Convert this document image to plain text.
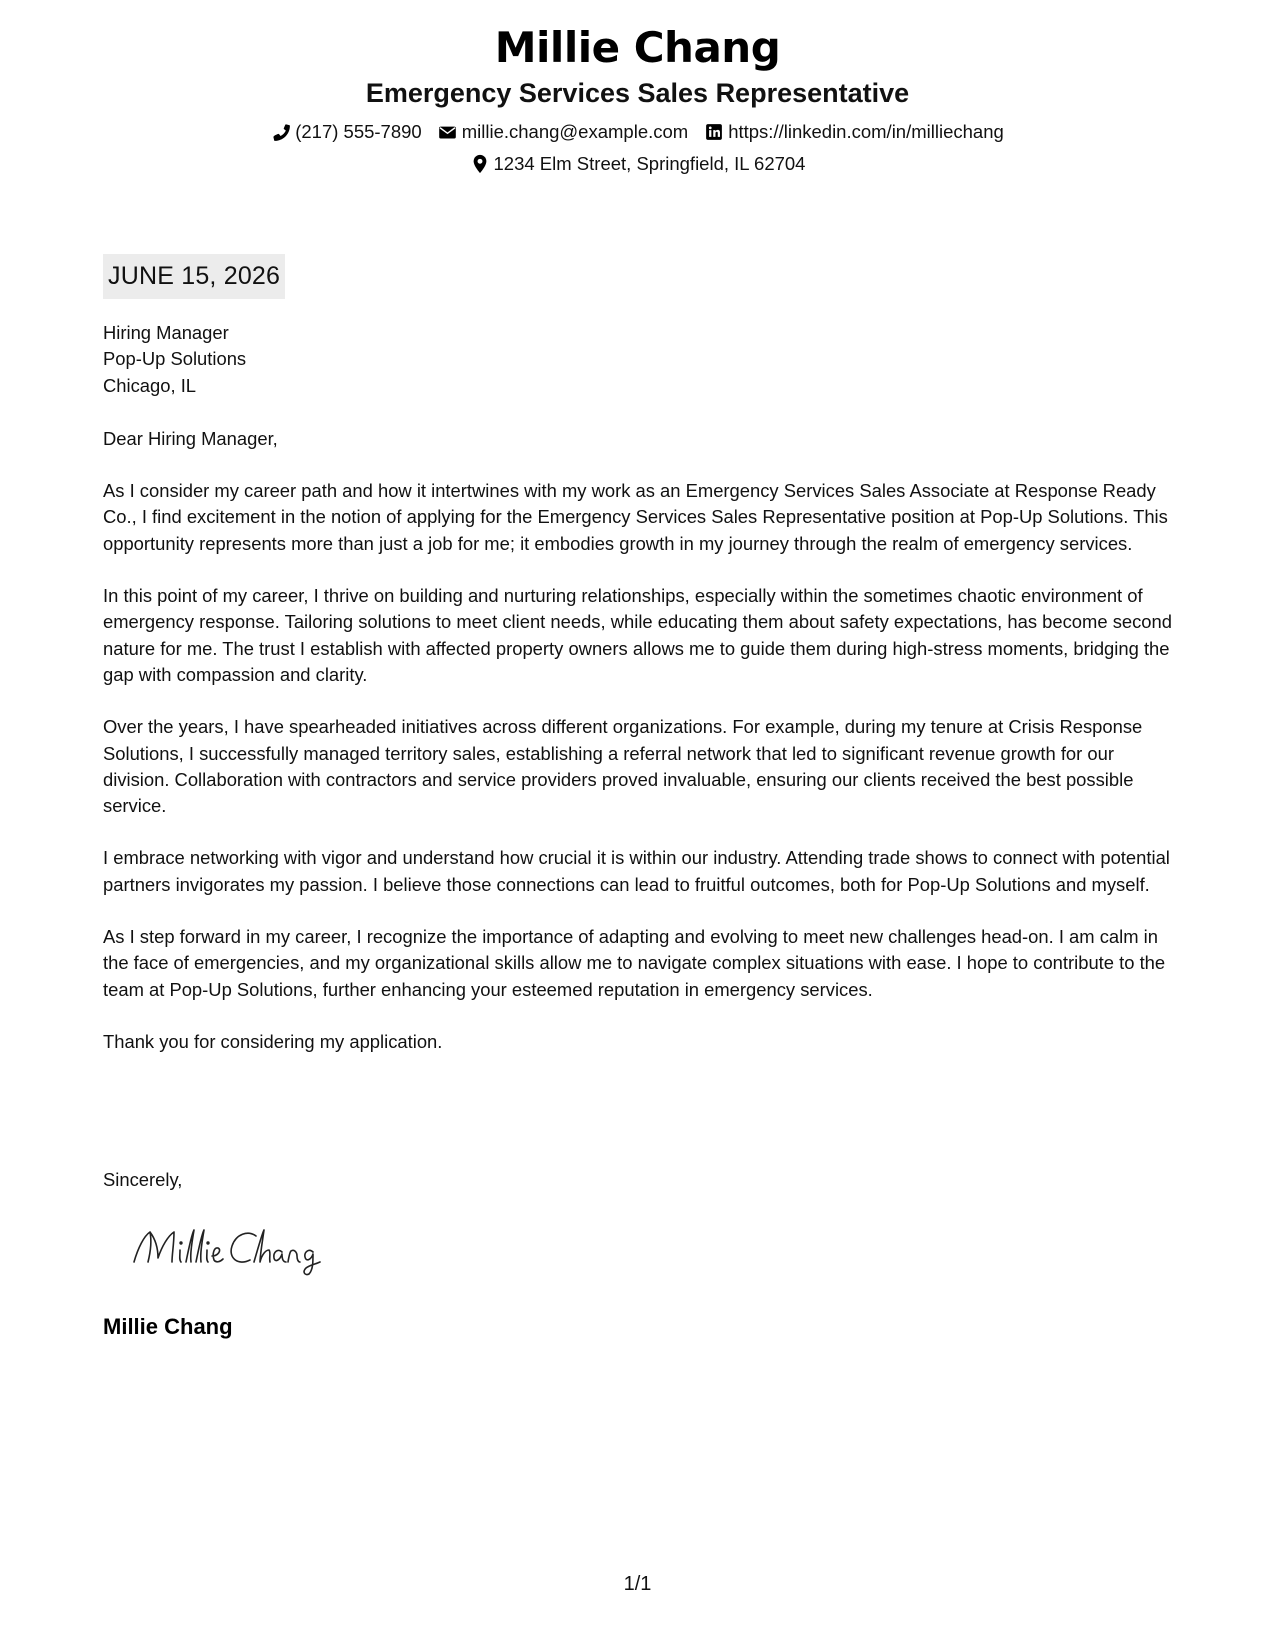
Millie Chang
Emergency Services Sales Representative
(217) 555-7890 millie.chang@example.com https://linkedin.com/in/milliechang
1234 Elm Street, Springfield, IL 62704
JUNE 15, 2026

Hiring Manager

Pop-Up Solutions

Chicago, IL

Dear Hiring Manager,

As I consider my career path and how it intertwines with my work as an Emergency Services Sales Associate at Response Ready Co., I find excitement in the notion of applying for the Emergency Services Sales Representative position at Pop-Up Solutions. This opportunity represents more than just a job for me; it embodies growth in my journey through the realm of emergency services.

In this point of my career, I thrive on building and nurturing relationships, especially within the sometimes chaotic environment of emergency response. Tailoring solutions to meet client needs, while educating them about safety expectations, has become second nature for me. The trust I establish with affected property owners allows me to guide them during high-stress moments, bridging the gap with compassion and clarity.

Over the years, I have spearheaded initiatives across different organizations. For example, during my tenure at Crisis Response Solutions, I successfully managed territory sales, establishing a referral network that led to significant revenue growth for our division. Collaboration with contractors and service providers proved invaluable, ensuring our clients received the best possible service.

I embrace networking with vigor and understand how crucial it is within our industry. Attending trade shows to connect with potential partners invigorates my passion. I believe those connections can lead to fruitful outcomes, both for Pop-Up Solutions and myself.

As I step forward in my career, I recognize the importance of adapting and evolving to meet new challenges head-on. I am calm in the face of emergencies, and my organizational skills allow me to navigate complex situations with ease. I hope to contribute to the team at Pop-Up Solutions, further enhancing your esteemed reputation in emergency services.

Thank you for considering my application.

Sincerely,
Millie Chang
1/1
